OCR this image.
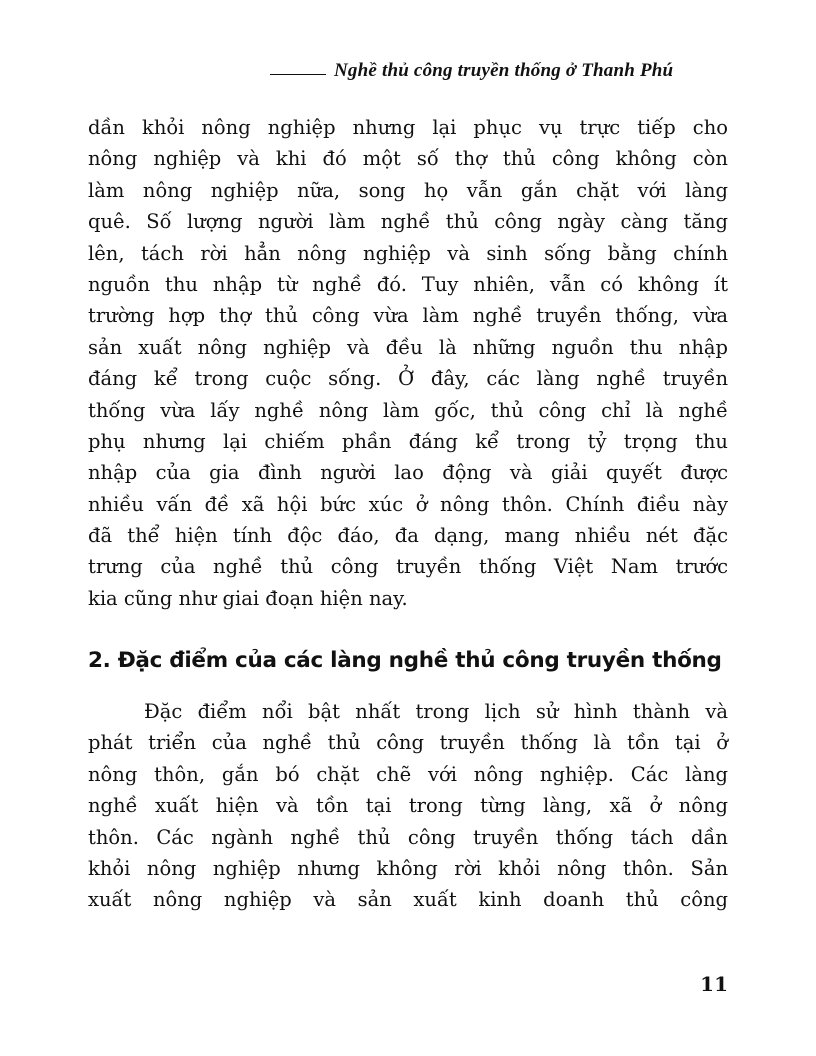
Nghề thủ công truyền thống ở Thanh Phú
dần khỏi nông nghiệp nhưng lại phục vụ trực tiếp cho
nông nghiệp và khi đó một số thợ thủ công không còn
làm nông nghiệp nữa, song họ vẫn gắn chặt với làng
quê. Số lượng người làm nghề thủ công ngày càng tăng
lên, tách rời hẳn nông nghiệp và sinh sống bằng chính
nguồn thu nhập từ nghề đó. Tuy nhiên, vẫn có không ít
trường hợp thợ thủ công vừa làm nghề truyền thống, vừa
sản xuất nông nghiệp và đều là những nguồn thu nhập
đáng kể trong cuộc sống. Ở đây, các làng nghề truyền
thống vừa lấy nghề nông làm gốc, thủ công chỉ là nghề
phụ nhưng lại chiếm phần đáng kể trong tỷ trọng thu
nhập của gia đình người lao động và giải quyết được
nhiều vấn đề xã hội bức xúc ở nông thôn. Chính điều này
đã thể hiện tính độc đáo, đa dạng, mang nhiều nét đặc
trưng của nghề thủ công truyền thống Việt Nam trước
kia cũng như giai đoạn hiện nay.
2. Đặc điểm của các làng nghề thủ công truyền thống
Đặc điểm nổi bật nhất trong lịch sử hình thành và
phát triển của nghề thủ công truyền thống là tồn tại ở
nông thôn, gắn bó chặt chẽ với nông nghiệp. Các làng
nghề xuất hiện và tồn tại trong từng làng, xã ở nông
thôn. Các ngành nghề thủ công truyền thống tách dần
khỏi nông nghiệp nhưng không rời khỏi nông thôn. Sản
xuất nông nghiệp và sản xuất kinh doanh thủ công
11
